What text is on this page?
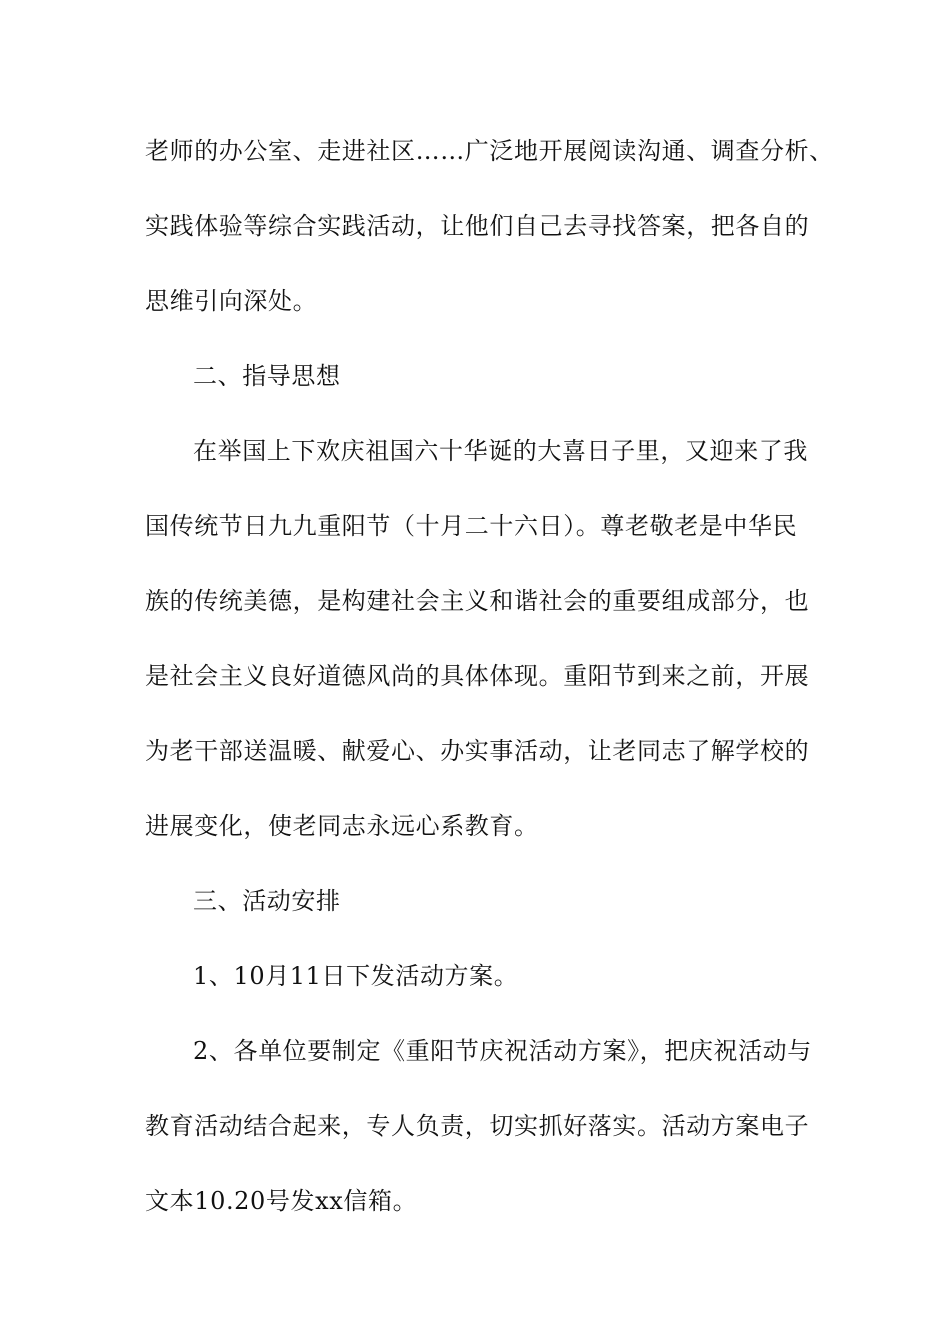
老师的办公室、走进社区……广泛地开展阅读沟通、调查分析、
实践体验等综合实践活动，让他们自己去寻找答案，把各自的
思维引向深处。
二、指导思想
在举国上下欢庆祖国六十华诞的大喜日子里，又迎来了我
国传统节日九九重阳节（十月二十六日）。尊老敬老是中华民
族的传统美德，是构建社会主义和谐社会的重要组成部分，也
是社会主义良好道德风尚的具体体现。重阳节到来之前，开展
为老干部送温暖、献爱心、办实事活动，让老同志了解学校的
进展变化，使老同志永远心系教育。
三、活动安排
1、10月11日下发活动方案。
2、各单位要制定《重阳节庆祝活动方案》，把庆祝活动与
教育活动结合起来，专人负责，切实抓好落实。活动方案电子
文本10.20号发xx信箱。
